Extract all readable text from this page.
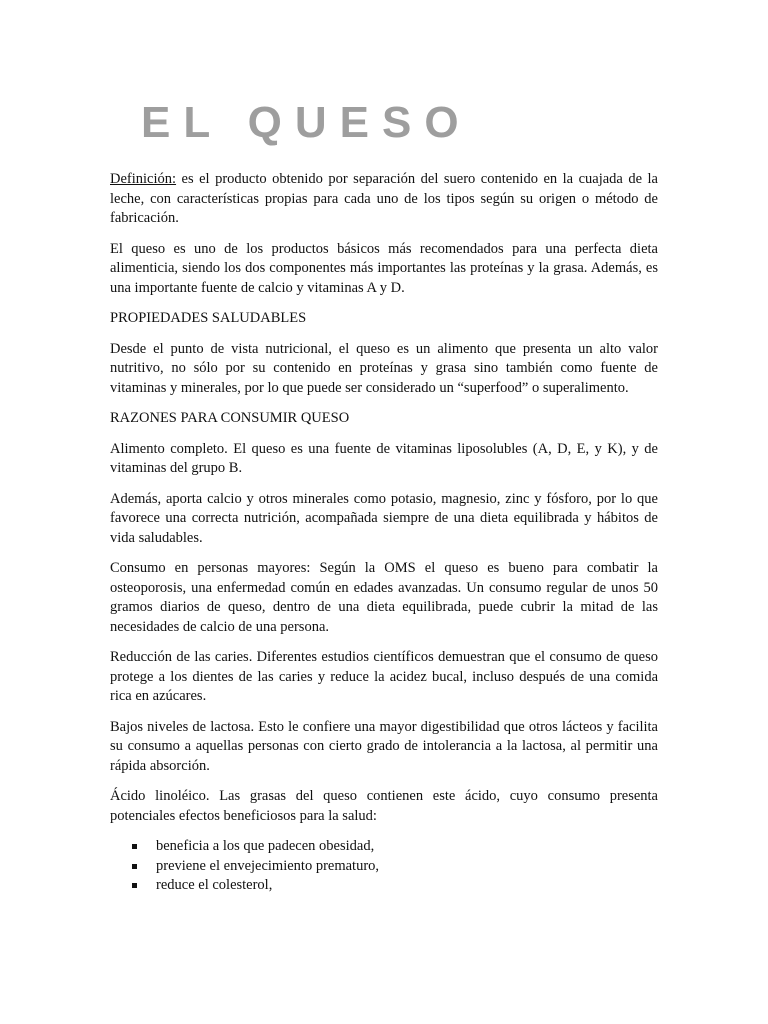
EL QUESO

Definición: es el producto obtenido por separación del suero contenido en la cuajada de la leche, con características propias para cada uno de los tipos según su origen o método de fabricación.

El queso es uno de los productos básicos más recomendados para una perfecta dieta alimenticia, siendo los dos componentes más importantes las proteínas y la grasa. Además, es una importante fuente de calcio y vitaminas A y D.

PROPIEDADES SALUDABLES

Desde el punto de vista nutricional, el queso es un alimento que presenta un alto valor nutritivo, no sólo por su contenido en proteínas y grasa sino también como fuente de vitaminas y minerales, por lo que puede ser considerado un “superfood” o superalimento.

RAZONES PARA CONSUMIR QUESO

Alimento completo. El queso es una fuente de vitaminas liposolubles (A, D, E, y K), y de vitaminas del grupo B.

Además, aporta calcio y otros minerales como potasio, magnesio, zinc y fósforo, por lo que favorece una correcta nutrición, acompañada siempre de una dieta equilibrada y hábitos de vida saludables.

Consumo en personas mayores: Según la OMS el queso es bueno para combatir la osteoporosis, una enfermedad común en edades avanzadas. Un consumo regular de unos 50 gramos diarios de queso, dentro de una dieta equilibrada, puede cubrir la mitad de las necesidades de calcio de una persona.

Reducción de las caries. Diferentes estudios científicos demuestran que el consumo de queso protege a los dientes de las caries y reduce la acidez bucal, incluso después de una comida rica en azúcares.

Bajos niveles de lactosa. Esto le confiere una mayor digestibilidad que otros lácteos y facilita su consumo a aquellas personas con cierto grado de intolerancia a la lactosa, al permitir una rápida absorción.

Ácido linoléico. Las grasas del queso contienen este ácido, cuyo consumo presenta potenciales efectos beneficiosos para la salud:

beneficia a los que padecen obesidad,
previene el envejecimiento prematuro,
reduce el colesterol,
